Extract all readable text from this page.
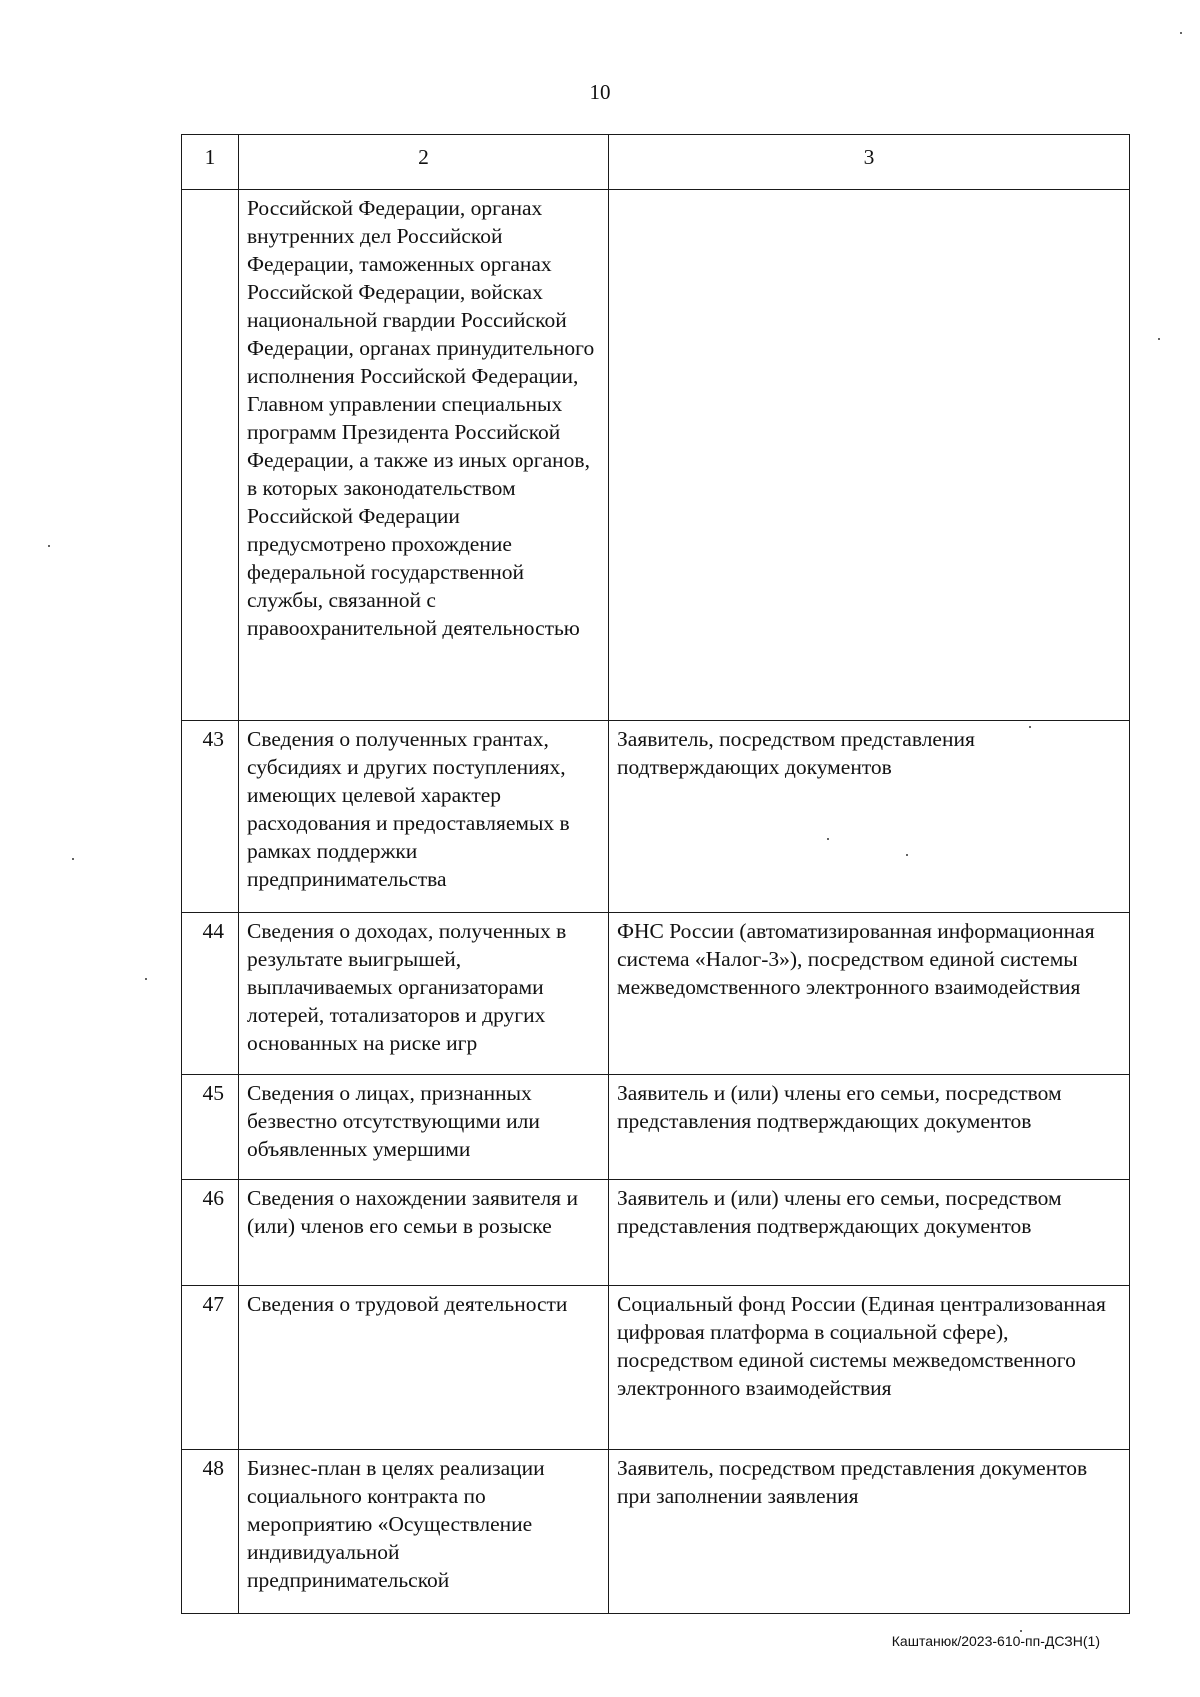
10
1	2	3
	Российской Федерации, органах внутренних дел Российской Федерации, таможенных органах Российской Федерации, войсках национальной гвардии Российской Федерации, органах принудительного исполнения Российской Федерации, Главном управлении специальных программ Президента Российской Федерации, а также из иных органов, в которых законодательством Российской Федерации предусмотрено прохождение федеральной государственной службы, связанной с правоохранительной деятельностью	
43	Сведения о полученных грантах, субсидиях и других поступлениях, имеющих целевой характер расходования и предоставляемых в рамках поддержки предпринимательства	Заявитель, посредством представления подтверждающих документов
44	Сведения о доходах, полученных в результате выигрышей, выплачиваемых организаторами лотерей, тотализаторов и других основанных на риске игр	ФНС России (автоматизированная информационная система «Налог-3»), посредством единой системы межведомственного электронного взаимодействия
45	Сведения о лицах, признанных безвестно отсутствующими или объявленных умершими	Заявитель и (или) члены его семьи, посредством представления подтверждающих документов
46	Сведения о нахождении заявителя и (или) членов его семьи в розыске	Заявитель и (или) члены его семьи, посредством представления подтверждающих документов
47	Сведения о трудовой деятельности	Социальный фонд России (Единая централизованная цифровая платформа в социальной сфере), посредством единой системы межведомственного электронного взаимодействия
48	Бизнес-план в целях реализации социального контракта по мероприятию «Осуществление индивидуальной предпринимательской	Заявитель, посредством представления документов при заполнении заявления
Каштанюк/2023-610-пп-ДСЗН(1)
